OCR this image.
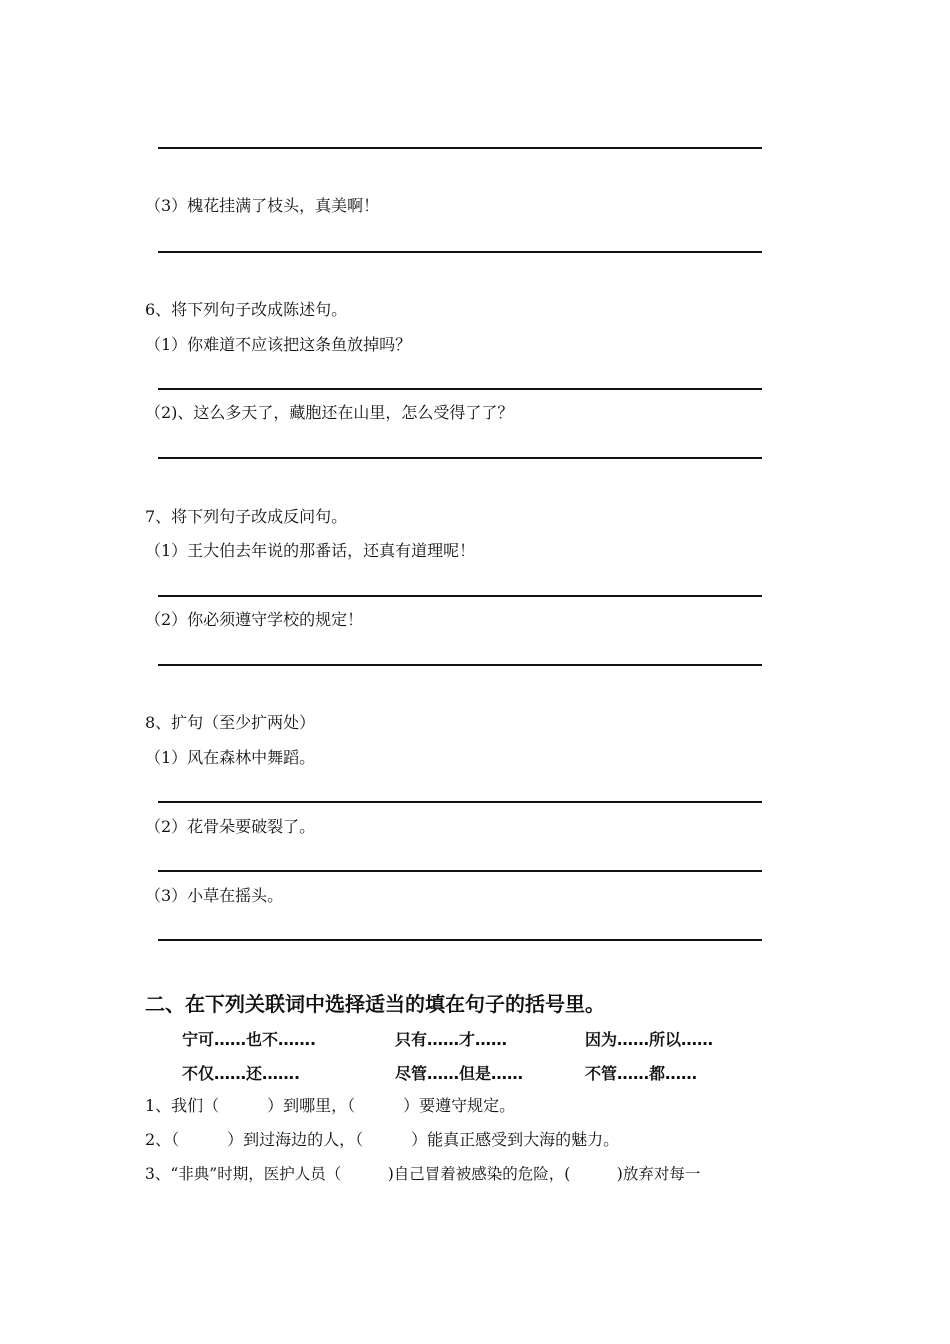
（3）槐花挂满了枝头，真美啊！
6、将下列句子改成陈述句。
（1）你难道不应该把这条鱼放掉吗？
（2)、这么多天了，藏胞还在山里，怎么受得了了？
7、将下列句子改成反问句。
（1）王大伯去年说的那番话，还真有道理呢！
（2）你必须遵守学校的规定！
8、扩句（至少扩两处）
（1）风在森林中舞蹈。
（2）花骨朵要破裂了。
（3）小草在摇头。
二、在下列关联词中选择适当的填在句子的括号里。
宁可……也不…….	只有……才……	因为……所以……
不仅……还…….	尽管……但是……	不管……都……
1、我们（　　　）到哪里，（　　　）要遵守规定。
2、（　　　）到过海边的人，（　　　）能真正感受到大海的魅力。
3、“非典”时期，医护人员（　　　)自己冒着被感染的危险，(　　　)放弃对每一
